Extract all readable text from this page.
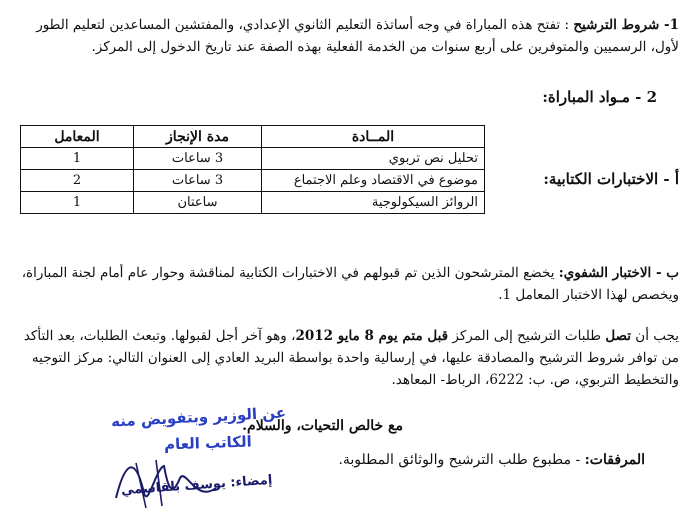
1- شروط الترشيح : تفتح هذه المباراة في وجه أساتذة التعليم الثانوي الإعدادي، والمفتشين المساعدين لتعليم الطور لأول، الرسميين والمتوفرين على أربع سنوات من الخدمة الفعلية بهذه الصفة عند تاريخ الدخول إلى المركز.
2 - مـواد المباراة:
أ - الاختبارات الكتابية:
المــادة	مدة الإنجاز	المعامل
تحليل نص تربوي	3 ساعات	1
موضوع في الاقتصاد وعلم الاجتماع	3 ساعات	2
الروائز السيكولوجية	ساعتان	1
ب - الاختبار الشفوي: يخضع المترشحون الذين تم قبولهم في الاختبارات الكتابية لمناقشة وحوار عام أمام لجنة المباراة، ويخصص لهذا الاختبار المعامل 1.
يجب أن تصل طلبات الترشيح إلى المركز قبل متم يوم 8 مايو 2012، وهو آخر أجل لقبولها. وتبعث الطلبات، بعد التأكد من توافر شروط الترشيح والمصادقة عليها، في إرسالية واحدة بواسطة البريد العادي إلى العنوان التالي: مركز التوجيه والتخطيط التربوي، ص. ب: 6222، الرباط- المعاهد.
مع خالص التحيات، والسلام.
المرفقات: - مطبوع طلب الترشيح والوثائق المطلوبة.
عن الوزير وبتفويض منه
الكاتب العام
إمضاء: يوسف بلقاسمي
